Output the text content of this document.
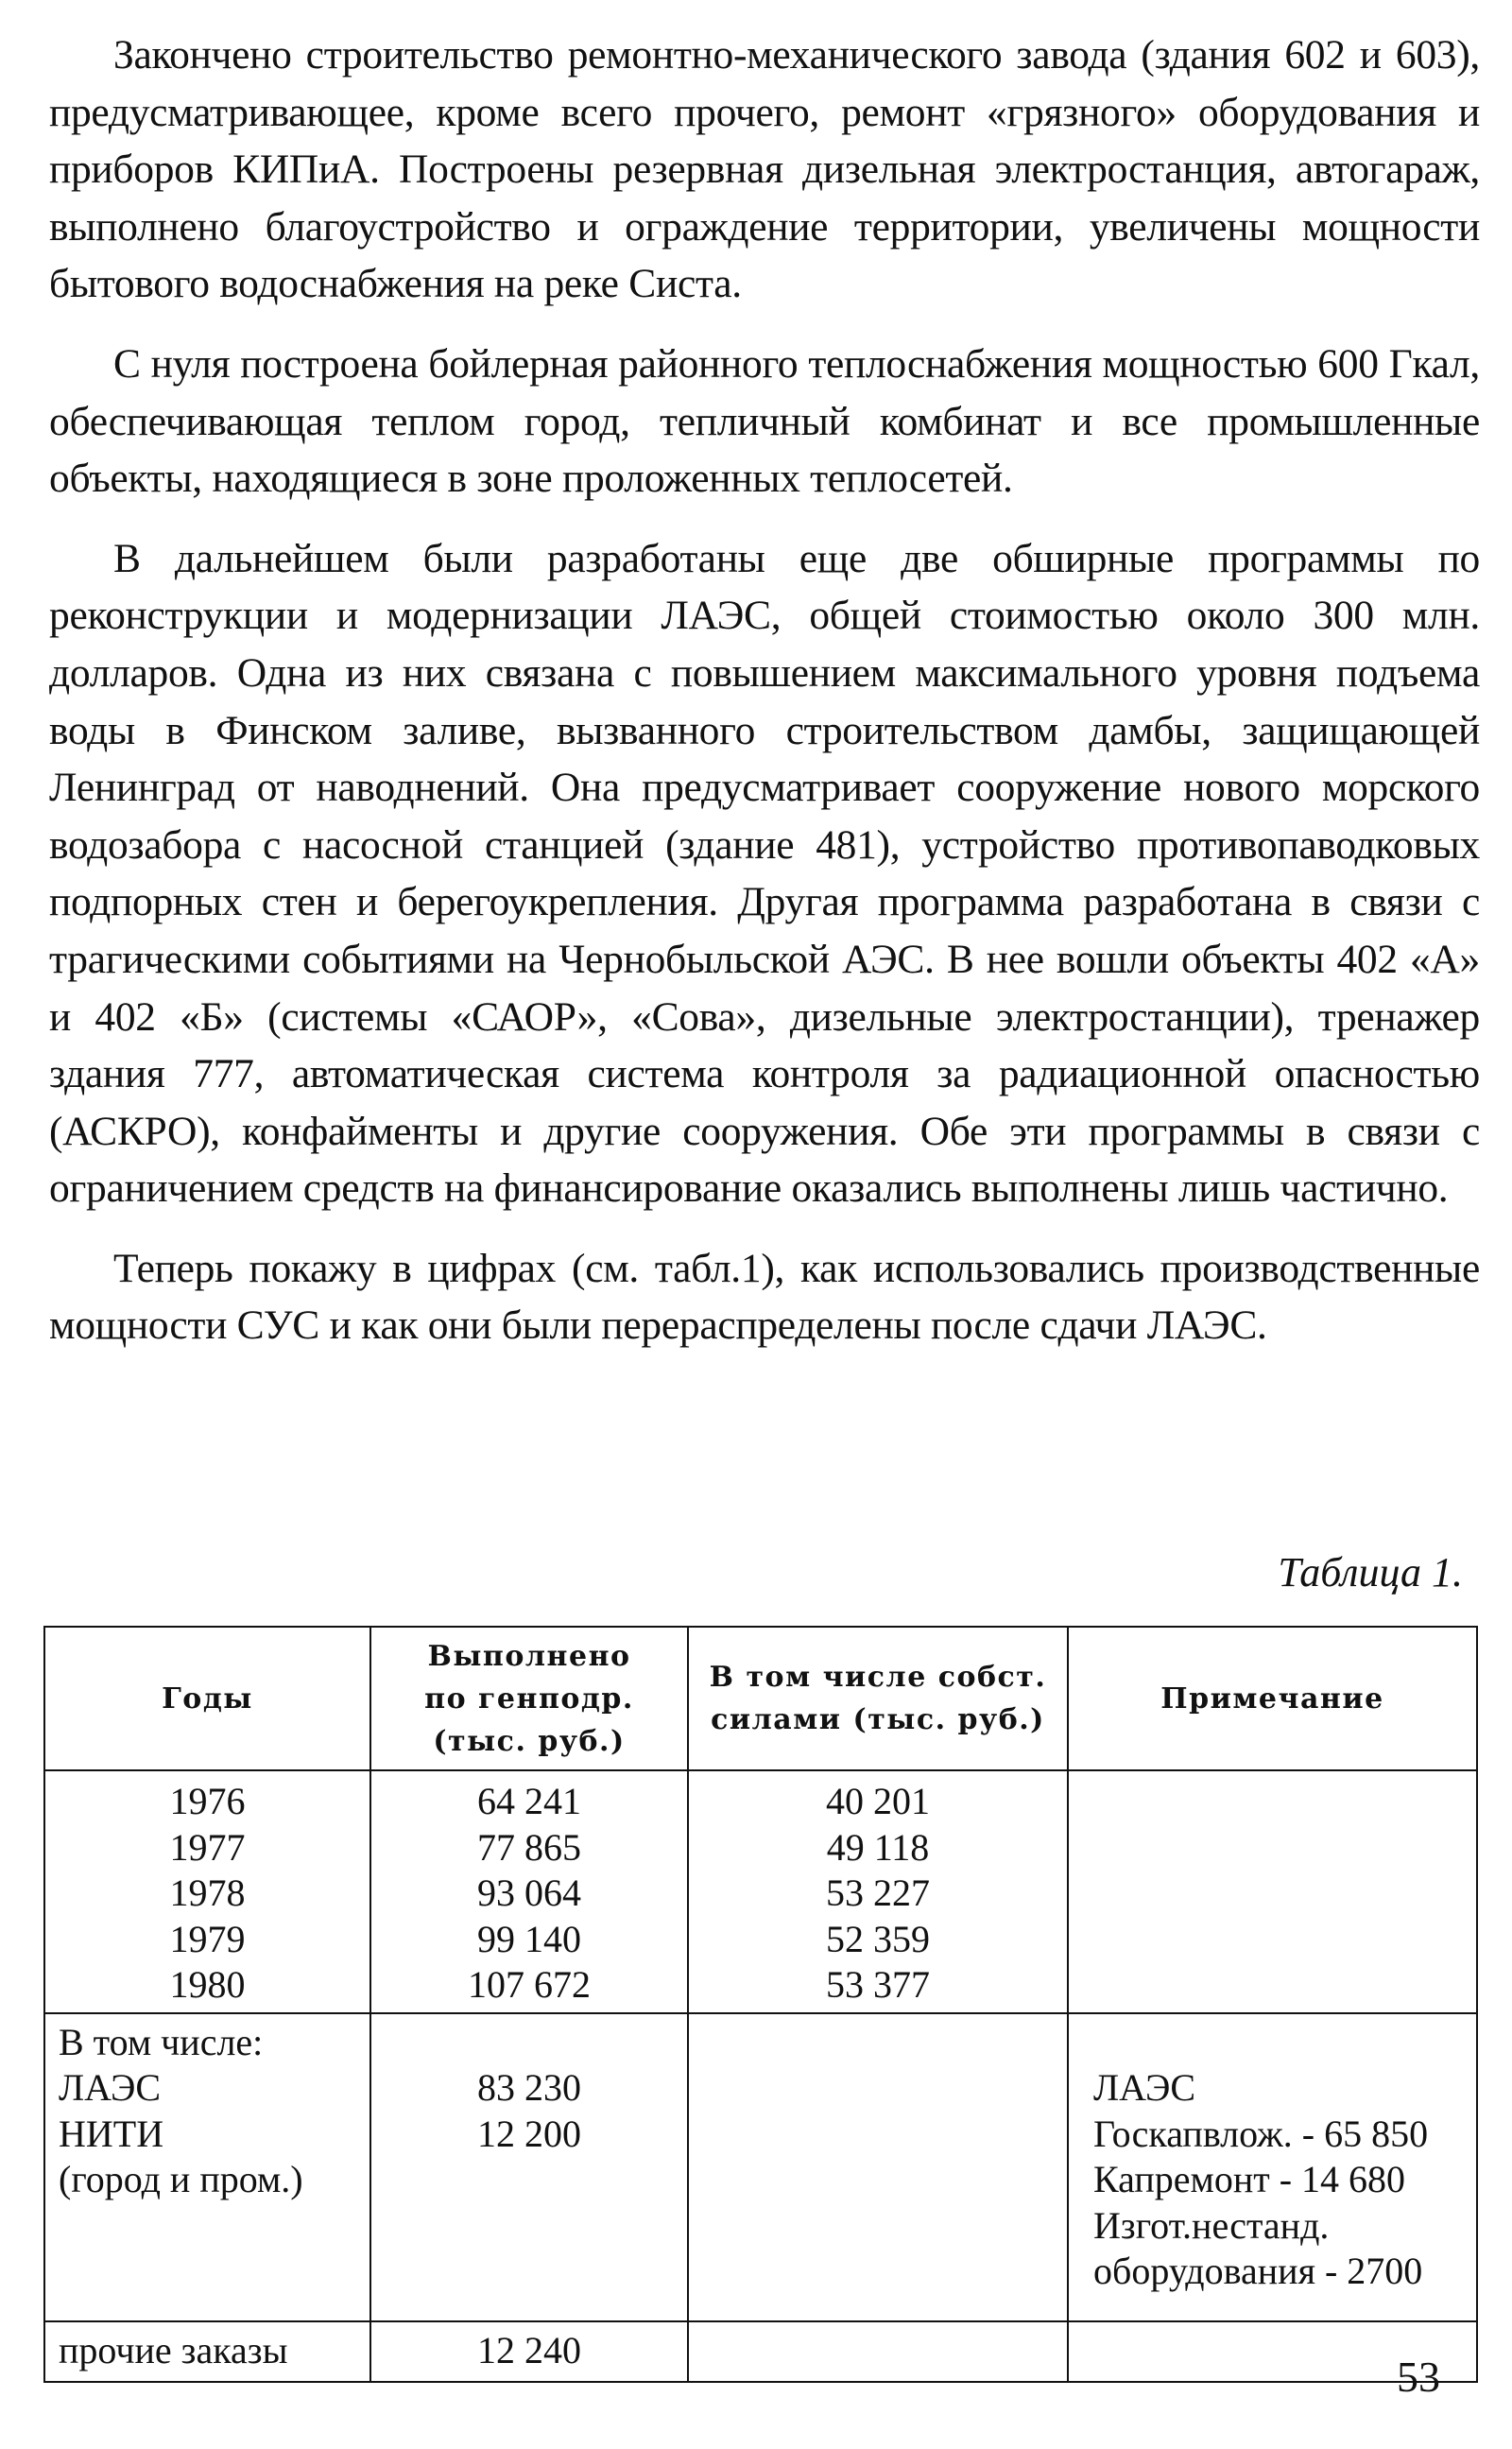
Закончено строительство ремонтно-механического завода (здания 602 и 603), предусматривающее, кроме всего прочего, ремонт «грязного» оборудования и приборов КИПиА. Построены резервная дизельная электростанция, автогараж, выполнено благоустройство и ограждение территории, увеличены мощности бытового водоснабжения на реке Систа.

С нуля построена бойлерная районного теплоснабжения мощностью 600 Гкал, обеспечивающая теплом город, тепличный комбинат и все промышленные объекты, находящиеся в зоне проложенных теплосетей.

В дальнейшем были разработаны еще две обширные программы по реконструкции и модернизации ЛАЭС, общей стоимостью около 300 млн. долларов. Одна из них связана с повышением максимального уровня подъема воды в Финском заливе, вызванного строительством дамбы, защищающей Ленинград от наводнений. Она предусматривает сооружение нового морского водозабора с насосной станцией (здание 481), устройство противопаводковых подпорных стен и берегоукрепления. Другая программа разработана в связи с трагическими событиями на Чернобыльской АЭС. В нее вошли объекты 402 «А» и 402 «Б» (системы «САОР», «Сова», дизельные электростанции), тренажер здания 777, автоматическая система контроля за радиационной опасностью (АСКРО), конфайменты и другие сооружения. Обе эти программы в связи с ограничением средств на финансирование оказались выполнены лишь частично.

Теперь покажу в цифрах (см. табл.1), как использовались производственные мощности СУС и как они были перераспределены после сдачи ЛАЭС.

Таблица 1.
Годы	Выполнено
по генподр.
(тыс. руб.)	В том числе собст.
силами (тыс. руб.)	Примечание

1976
1977
1978
1979
1980	64 241
77 865
93 064
99 140
107 672	40 201
49 118
53 227
52 359
53 377	

В том числе:
ЛАЭС
НИТИ
(город и пром.)	83 230
12 200		ЛАЭС
Госкапвлож. - 65 850
Капремонт - 14 680
Изгот.нестанд.
оборудования - 2700

прочие заказы	12 240		
53
